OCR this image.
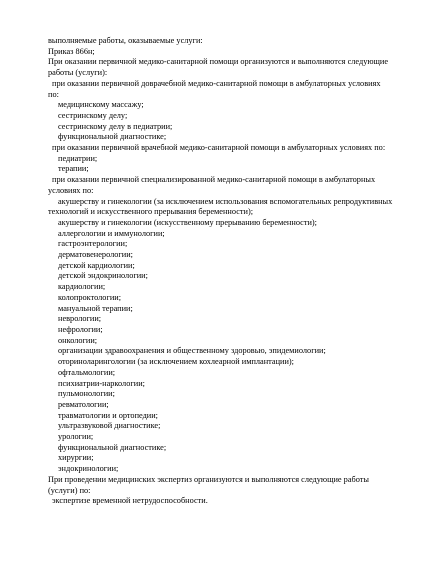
выполняемые работы, оказываемые услуги:

Приказ 866н;

При оказании первичной медико-санитарной помощи организуются и выполняются следующие

работы (услуги):

при оказании первичной доврачебной медико-санитарной помощи в амбулаторных условиях

по:

медицинскому массажу;

сестринскому делу;

сестринскому делу в педиатрии;

функциональной диагностике;

при оказании первичной врачебной медико-санитарной помощи в амбулаторных условиях по:

педиатрии;

терапии;

при оказании первичной специализированной медико-санитарной помощи в амбулаторных

условиях по:

акушерству и гинекологии (за исключением использования вспомогательных репродуктивных

технологий и искусственного прерывания беременности);

акушерству и гинекологии (искусственному прерыванию беременности);

аллергологии и иммунологии;

гастроэнтерологии;

дерматовенерологии;

детской кардиологии;

детской эндокринологии;

кардиологии;

колопроктологии;

мануальной терапии;

неврологии;

нефрологии;

онкологии;

организации здравоохранения и общественному здоровью, эпидемиологии;

оториноларингологии (за исключением кохлеарной имплантации);

офтальмологии;

психиатрии-наркологии;

пульмонологии;

ревматологии;

травматологии и ортопедии;

ультразвуковой диагностике;

урологии;

функциональной диагностике;

хирургии;

эндокринологии;

При проведении медицинских экспертиз организуются и выполняются следующие работы

(услуги) по:

экспертизе временной нетрудоспособности.
